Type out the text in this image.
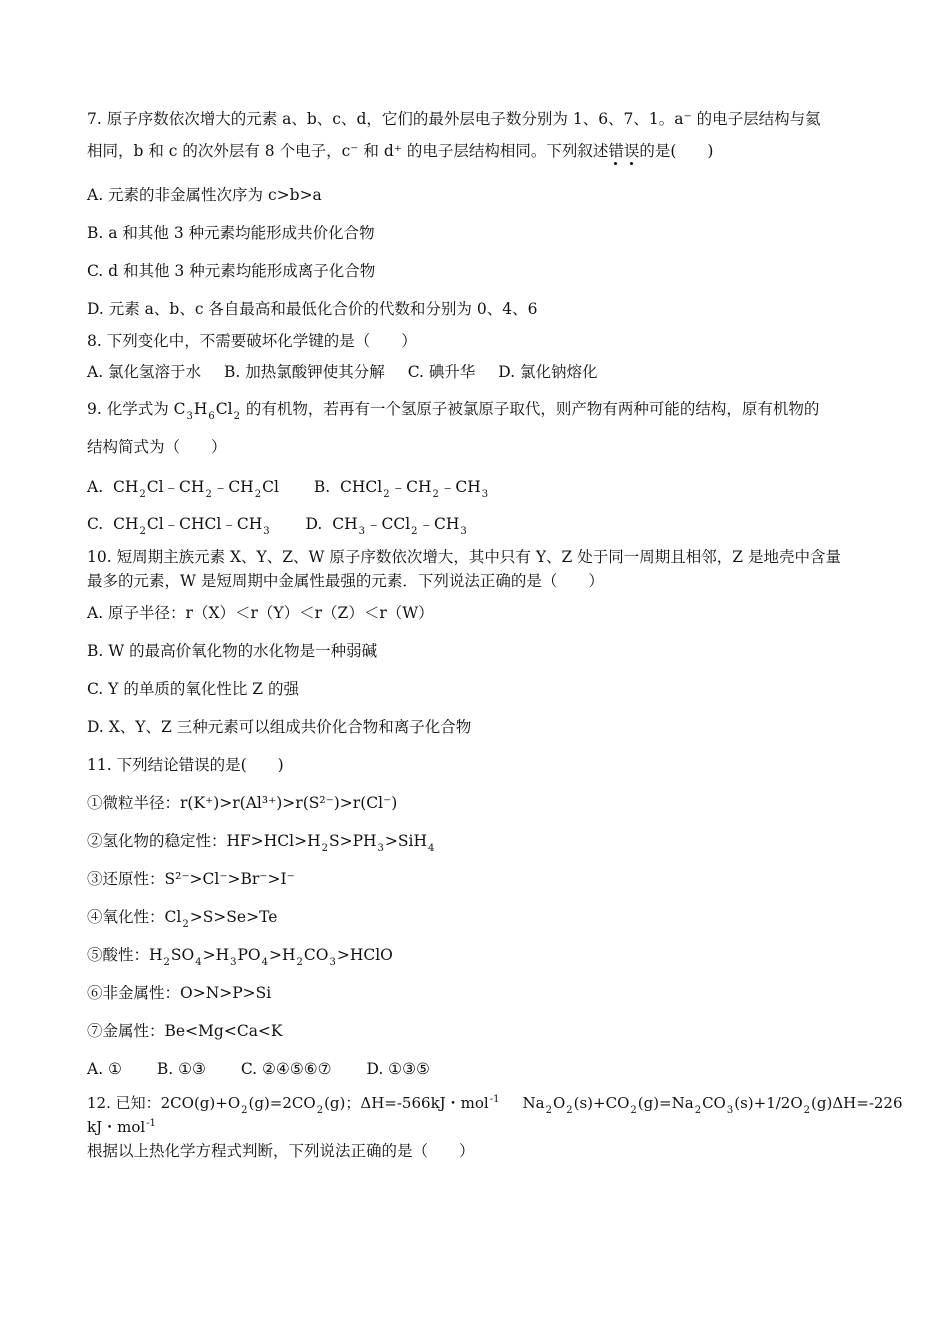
7. 原子序数依次增大的元素 a、b、c、d，它们的最外层电子数分别为 1、6、7、1。a⁻ 的电子层结构与氦
相同，b 和 c 的次外层有 8 个电子，c⁻ 和 d⁺ 的电子层结构相同。下列叙述错误
的是(　　)
A. 元素的非金属性次序为 c>b>a
B. a 和其他 3 种元素均能形成共价化合物
C. d 和其他 3 种元素均能形成离子化合物
D. 元素 a、b、c 各自最高和最低化合价的代数和分别为 0、4、6
8. 下列变化中，不需要破坏化学键的是（　　）
A. 氯化氢溶于水 B. 加热氯酸钾使其分解 C. 碘升华 D. 氯化钠熔化
9. 化学式为 $C_3H_6Cl_2$ 的有机物，若再有一个氢原子被氯原子取代，则产物有两种可能的结构，原有机物的
结构简式为（　　）
A.  $CH_2Cl﹣CH_2﹣CH_2Cl$ B.  $CHCl_2﹣CH_2﹣CH_3$
C.  $CH_2Cl﹣CHCl﹣CH_3$ D.  $CH_3﹣CCl_2﹣CH_3$
10. 短周期主族元素 X、Y、Z、W 原子序数依次增大，其中只有 Y、Z 处于同一周期且相邻，Z 是地壳中含量
最多的元素，W 是短周期中金属性最强的元素．下列说法正确的是（　　）
A. 原子半径：r（X）＜r（Y）＜r（Z）＜r（W）
B. W 的最高价氧化物的水化物是一种弱碱
C. Y 的单质的氧化性比 Z 的强
D. X、Y、Z 三种元素可以组成共价化合物和离子化合物
11. 下列结论错误的是(　　)
①微粒半径：r(K⁺)>r(Al³⁺)>r(S²⁻)>r(Cl⁻)
②氢化物的稳定性：$HF>HCl>H_2S>PH_3>SiH_4$
③还原性：S²⁻>Cl⁻>Br⁻>I⁻
④氧化性：$Cl_2>S>Se>Te$
⑤酸性：$H_2SO_4>H_3PO_4>H_2CO_3>HClO$
⑥非金属性：O>N>P>Si
⑦金属性：Be<Mg<Ca<K
A. ① B. ①③ C. ②④⑤⑥⑦ D. ①③⑤
12. 已知：$2CO(g)+O_2(g)=2CO_2(g)$；ΔH=-566kJ・mol$^{-1}$ $Na_2O_2(s)+CO_2(g)=Na_2CO_3(s)+1/2O_2(g)\Delta H=-226$
kJ・mol$^{-1}$
根据以上热化学方程式判断，下列说法正确的是（　　）
